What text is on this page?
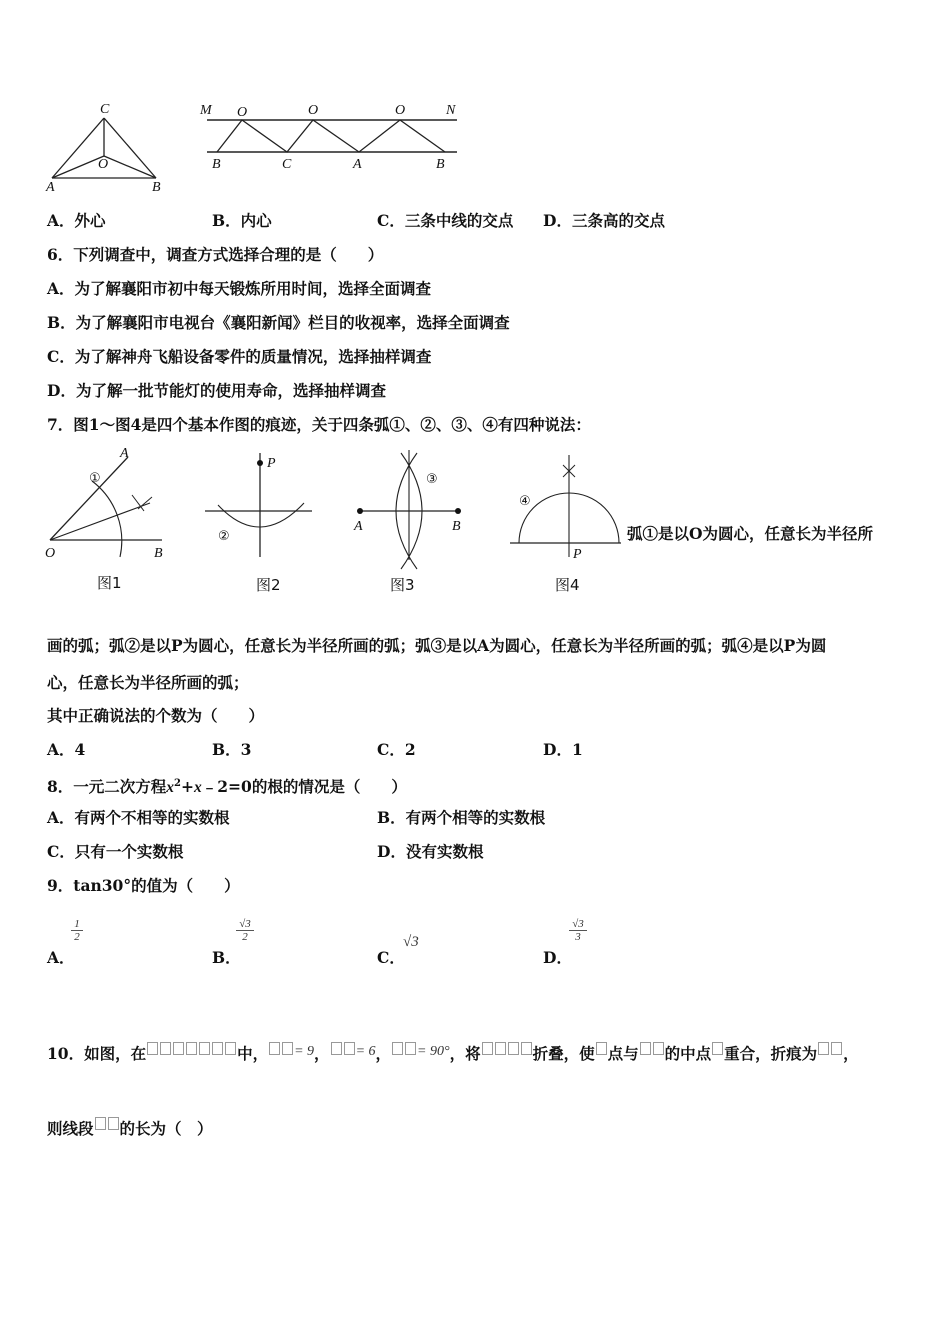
C
O
A	B
M O	O	O	N
B	C	A	B
A．外心	B．内心	C．三条中线的交点 D．三条高的交点
6．下列调查中，调查方式选择合理的是（　　）
A．为了解襄阳市初中每天锻炼所用时间，选择全面调查
B．为了解襄阳市电视台《襄阳新闻》栏目的收视率，选择全面调查
C．为了解神舟飞船设备零件的质量情况，选择抽样调查
D．为了解一批节能灯的使用寿命，选择抽样调查
7．图1～图4是四个基本作图的痕迹，关于四条弧①、②、③、④有四种说法：
A
O	B
①
图1
P
②
图2
A	B
③
图3
P
④
图4
弧①是以O为圆心，任意长为半径所
画的弧；弧②是以P为圆心，任意长为半径所画的弧；弧③是以A为圆心，任意长为半径所画的弧；弧④是以P为圆
心，任意长为半径所画的弧；
其中正确说法的个数为（　　）
A．4	B．3	C．2	D．1
8．一元二次方程$x^2+x﹣2=0$的根的情况是（　　）
A．有两个不相等的实数根	B．有两个相等的实数根
C．只有一个实数根	D．没有实数根
9．tan30°的值为（　　）
A．
$\frac{1}{2}$
B．
$\frac{√3}{2}$
C．
√3
D．
$\frac{√3}{3}$
10．如图，在	中， = 9， = 6， = 90°，将	折叠，使 点与 的中点 重合，折痕为 ，
则线段 的长为（　）
